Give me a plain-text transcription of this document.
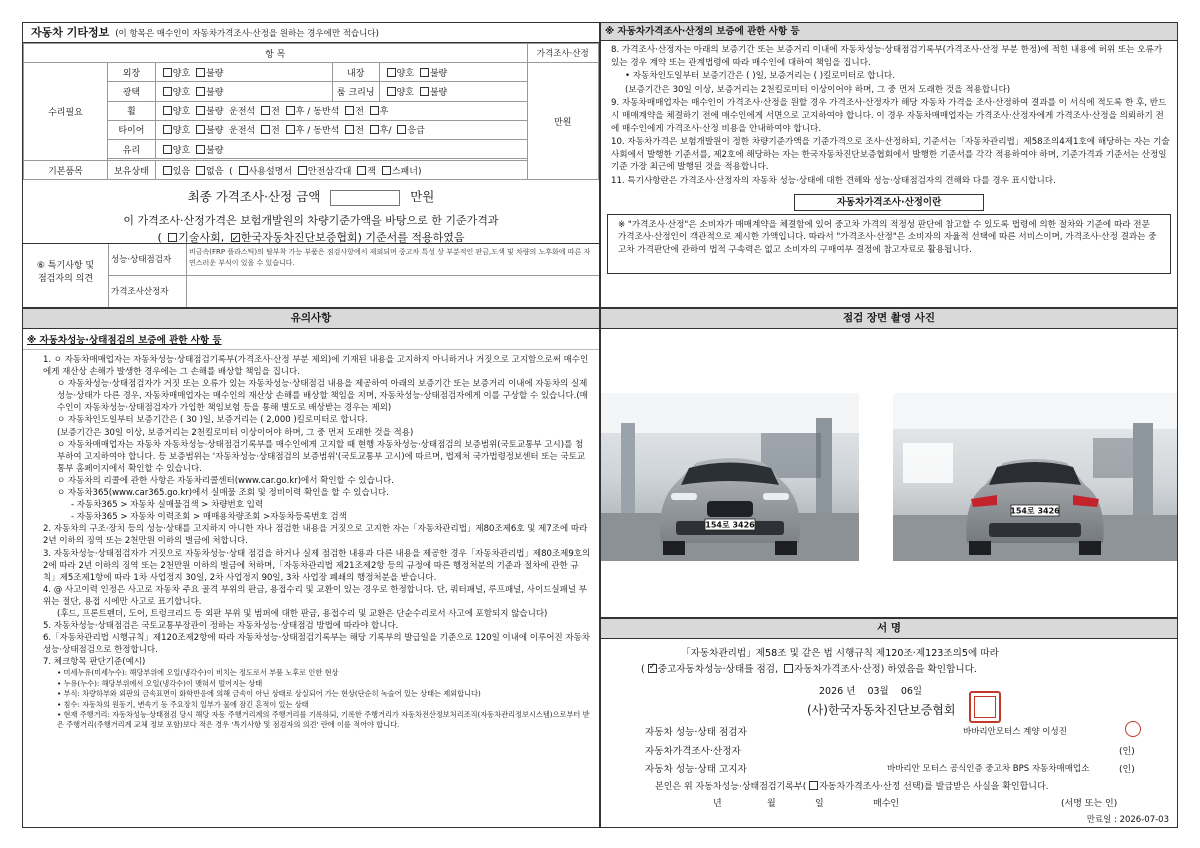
자동차 기타정보 (이 항목은 매수인이 자동차가격조사·산정을 원하는 경우에만 적습니다)
항 목					가격조사·산정
수리필요	외장	양호 불량	내장	양호 불량	만원
	광택	양호 불량	룸 크리닝	양호 불량	
	휠	양호 불량 운전석 전 후 / 동반석 전 후			
	타이어	양호 불량 운전석 전 후 / 동반석 전 후/ 응급			
	유리	양호 불량			

기본품목	보유상태	있음 없음 ( 사용설명서 안전삼각대 잭 스패너)			
최종 가격조사·산정 금액	만원
이 가격조사·산정가격은 보험개발원의 차량기준가액을 바탕으로 한 기준가격과
( 기술사회, ✓ 한국자동차진단보증협회) 기준서를 적용하였음
⑥ 특기사항 및
점검자의 의견
성능·상태점검자
비금속(FRP 플라스틱)의 탈부착 가능 부품은 점검사항에서 제외되며 중고차 특성 상 부분적인 판금,도색 및 차량의 노후화에 따른 자연스러운 부식이 있을 수 있습니다.
가격조사산정자
※ 자동차가격조사·산정의 보증에 관한 사항 등

8. 가격조사·산정자는 아래의 보증기간 또는 보증거리 이내에 자동차성능·상태점검기록부(가격조사·산정 부분 한정)에 적힌 내용에 허위 또는 오류가 있는 경우 계약 또는 관계법령에 따라 매수인에 대하여 책임을 집니다.

• 자동차인도일부터 보증기간은 ( )일, 보증거리는 ( )킬로미터로 합니다.

(보증기간은 30일 이상, 보증거리는 2천킬로미터 이상이어야 하며, 그 중 먼저 도래한 것을 적용합니다)

9. 자동차매매업자는 매수인이 가격조사·산정을 원할 경우 가격조사·산정자가 해당 자동차 가격을 조사·산정하여 결과를 이 서식에 적도록 한 후, 반드시 매매계약을 체결하기 전에 매수인에게 서면으로 고지하여야 합니다. 이 경우 자동차매매업자는 가격조사·산정자에게 가격조사·산정을 의뢰하기 전에 매수인에게 가격조사·산정 비용을 안내하여야 합니다.

10. 자동차가격은 보험개발원이 정한 차량기준가액을 기준가격으로 조사·산정하되, 기준서는「자동차관리법」제58조의4제1호에 해당하는 자는 기술사회에서 발행한 기준서를, 제2호에 해당하는 자는 한국자동차진단보증협회에서 발행한 기준서를 각각 적용하여야 하며, 기준가격과 기준서는 산정일 기준 가장 최근에 발행된 것을 적용합니다.

11. 특기사항란은 가격조사·산정자의 자동차 성능·상태에 대한 견해와 성능·상태점검자의 견해와 다를 경우 표시합니다.

자동차가격조사·산정이란
※ "가격조사·산정"은 소비자가 매매계약을 체결함에 있어 중고차 가격의 적정성 판단에 참고할 수 있도록 법령에 의한 절차와 기준에 따라 전문 가격조사·산정인이 객관적으로 제시한 가액입니다. 따라서 "가격조사·산정"은 소비자의 자율적 선택에 따른 서비스이며, 가격조사·산정 결과는 중고차 가격판단에 관하여 법적 구속력은 없고 소비자의 구매여부 결정에 참고자료로 활용됩니다.
유의사항
※ 자동차성능·상태점검의 보증에 관한 사항 등

1. ㅇ 자동차매매업자는 자동차성능·상태점검기록부(가격조사·산정 부분 제외)에 기재된 내용을 고지하지 아니하거나 거짓으로 고지함으로써 매수인에게 재산상 손해가 발생한 경우에는 그 손해를 배상할 책임을 집니다.

ㅇ 자동차성능·상태점검자가 거짓 또는 오류가 있는 자동차성능·상태점검 내용을 제공하여 아래의 보증기간 또는 보증거리 이내에 자동차의 실제 성능·상태가 다른 경우, 자동차매매업자는 매수인의 재산상 손해를 배상할 책임을 지며, 자동차성능·상태점검자에게 이를 구상할 수 있습니다.(매수인이 자동차성능·상태점검자가 가입한 책임보험 등을 통해 별도로 배상받는 경우는 제외)

ㅇ 자동차인도일부터 보증기간은 ( 30 )일, 보증거리는 ( 2,000 )킬로미터로 합니다.

(보증기간은 30일 이상, 보증거리는 2천킬로미터 이상이어야 하며, 그 중 먼저 도래한 것을 적용)

ㅇ 자동차매매업자는 자동차 자동차성능·상태점검기록부를 매수인에게 고지할 때 현행 자동차성능·상태점검의 보증범위(국토교통부 고시)를 첨부하여 고지하여야 합니다. 등 보증범위는 '자동차성능·상태점검의 보증범위'(국토교통부 고시)에 따르며, 법제처 국가법령정보센터 또는 국토교통부 홈페이지에서 확인할 수 있습니다.

ㅇ 자동차의 리콜에 관한 사항은 자동차리콜센터(www.car.go.kr)에서 확인할 수 있습니다.

ㅇ 자동차365(www.car365.go.kr)에서 실매물 조회 및 정비이력 확인을 할 수 있습니다.

- 자동차365 > 자동차 실매물검색 > 차량번호 입력

- 자동차365 > 자동차 이력조회 > 매매용차량조회 >자동차등록번호 검색

2. 자동차의 구조·장치 등의 성능·상태를 고지하지 아니한 자나 점검한 내용을 거짓으로 고지한 자는「자동차관리법」제80조제6호 및 제7조에 따라 2년 이하의 징역 또는 2천만원 이하의 벌금에 처합니다.

3. 자동차성능·상태점검자가 거짓으로 자동차성능·상태 점검을 하거나 실제 점검한 내용과 다른 내용을 제공한 경우「자동차관리법」제80조제9호의2에 따라 2년 이하의 징역 또는 2천만원 이하의 벌금에 처하며,「자동차관리법 제21조제2항 등의 규정에 따른 행정처분의 기준과 절차에 관한 규칙」제5조제1항에 따라 1차 사업정지 30일, 2차 사업정지 90일, 3차 사업장 폐쇄의 행정처분을 받습니다.

4. @ 사고이력 인정은 사고로 자동차 주요 골격 부위의 판금, 용접수리 및 교환이 있는 경우로 한정합니다. 단, 쿼터패널, 루프패널, 사이드실패널 부위는 절단, 용접 시에만 사고로 표기합니다.

(후드, 프론트펜더, 도어, 트렁크리드 등 외판 부위 및 범퍼에 대한 판금, 용접수리 및 교환은 단순수리로서 사고에 포함되지 않습니다)

5. 자동차성능·상태점검은 국토교통부장관이 정하는 자동차성능·상태점검 방법에 따라야 합니다.

6.「자동차관리법 시행규칙」제120조제2항에 따라 자동차성능·상태점검기록부는 해당 기록부의 발급일을 기준으로 120일 이내에 이루어진 자동차 성능·상태점검으로 한정합니다.

7. 체크항목 판단기준(예시)

• 미세누유(미세누수): 해당부위에 오일(냉각수)이 비치는 정도로서 부품 노후로 인한 현상

• 누유(누수): 해당부위에서 오일(냉각수)이 맺혀서 떨어지는 상태

• 부식: 차량하부와 외판의 금속표면이 화학반응에 의해 금속이 아닌 상태로 상실되어 가는 현상(단순히 녹슬어 있는 상태는 제외합니다)

• 침수: 자동차의 원동기, 변속기 등 주요장치 일부가 물에 잠긴 흔적이 있는 상태

• 현재 주행거리: 자동차성능·상태점검 당시 해당 자동 주행거리계의 주행거리를 기록하되, 기록한 주행거리가 자동차전산정보처리조직(자동차관리정보시스템)으로부터 받은 주행거리(주행거리계 교체 정보 포함)보다 적은 경우 '특기사항 및 점검자의 의견' 란에 이를 적어야 합니다.

점검 장면 촬영 사진
154로 3426
154로 3426
서 명
「자동차관리법」제58조 및 같은 법 시행규칙 제120조·제123조의5에 따라
( ✓ 중고자동차성능·상태를 점검, 자동차가격조사·산정) 하였음을 확인합니다.
2026 년 03월 06일
(사)한국자동차진단보증협회
자동차 성능·상태 점검자	바바리안모터스 계양 이성진
자동차가격조사·산정자	(인)
자동차 성능·상태 고지자	바바리안 모터스 공식인증 중고차 BPS 자동차매매업소	(인)
본인은 위 자동차성능·상태점검기록부( 자동차가격조사·산정 선택)를 발급받은 사실을 확인합니다.
년	월	일	매수인	(서명 또는 인)
만료일 : 2026-07-03
